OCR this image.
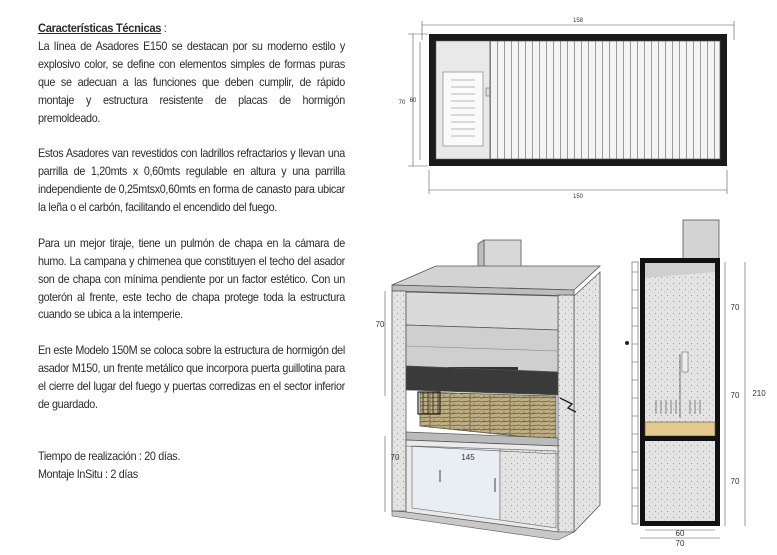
Características Técnicas :

La línea de Asadores E150 se destacan por su moderno estilo y explosivo color, se define con elementos simples de formas puras que se adecuan a las funciones que deben cumplir, de rápido montaje y estructura resistente de placas de hormigón premoldeado.

Estos Asadores van revestidos con ladrillos refractarios y llevan una parrilla de 1,20mts x 0,60mts regulable en altura y una parrilla independiente de 0,25mtsx0,60mts en forma de canasto para ubicar la leña o el carbón, facilitando el encendido del fuego.

Para un mejor tiraje, tiene un pulmón de chapa en la cámara de humo. La campana y chimenea que constituyen el techo del asador son de chapa con mínima pendiente por un factor estético. Con un goterón al frente, este techo de chapa protege toda la estructura cuando se ubica a la intemperie.

En este Modelo 150M se coloca sobre la estructura de hormigón del asador M150, un frente metálico que incorpora puerta guillotina para el cierre del lugar del fuego y puertas corredizas en el sector inferior de guardado.

Tiempo de realización : 20 días.

Montaje InSitu : 2 días

158
150
70 60
70
70	145
70
70
70
210
60
70
